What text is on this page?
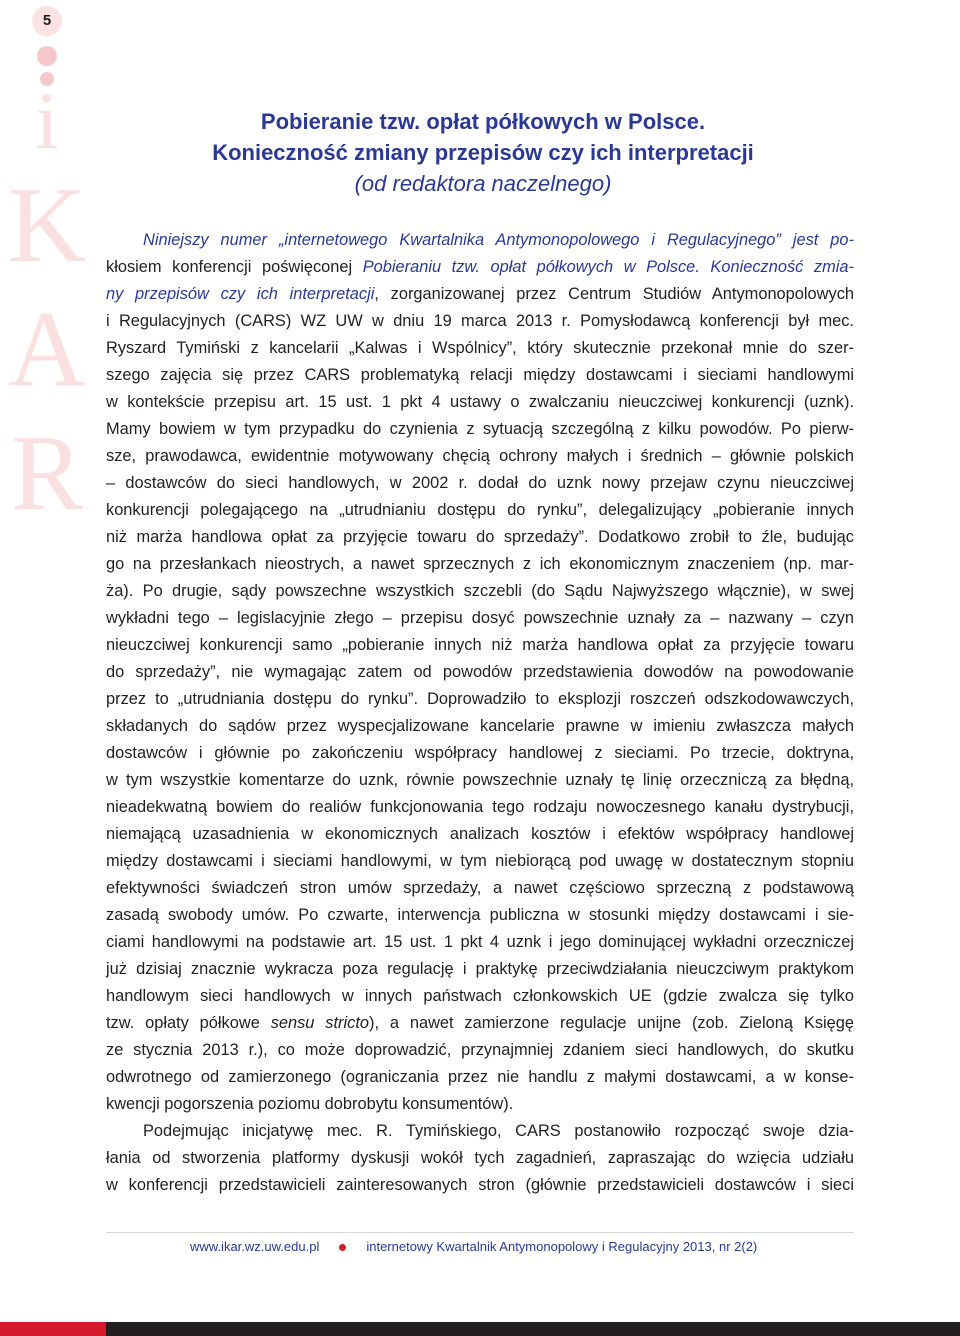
5
i
K
A
R
Pobieranie tzw. opłat półkowych w Polsce.
Konieczność zmiany przepisów czy ich interpretacji
(od redaktora naczelnego)
Niniejszy numer „internetowego Kwartalnika Antymonopolowego i Regulacyjnego” jest po-
kłosiem konferencji poświęconej Pobieraniu tzw. opłat półkowych w Polsce. Konieczność zmia-
ny przepisów czy ich interpretacji, zorganizowanej przez Centrum Studiów Antymonopolowych
i Regulacyjnych (CARS) WZ UW w dniu 19 marca 2013 r. Pomysłodawcą konferencji był mec.
Ryszard Tymiński z kancelarii „Kalwas i Wspólnicy”, który skutecznie przekonał mnie do szer-
szego zajęcia się przez CARS problematyką relacji między dostawcami i sieciami handlowymi
w kontekście przepisu art. 15 ust. 1 pkt 4 ustawy o zwalczaniu nieuczciwej konkurencji (uznk).
Mamy bowiem w tym przypadku do czynienia z sytuacją szczególną z kilku powodów. Po pierw-
sze, prawodawca, ewidentnie motywowany chęcią ochrony małych i średnich – głównie polskich
– dostawców do sieci handlowych, w 2002 r. dodał do uznk nowy przejaw czynu nieuczciwej
konkurencji polegającego na „utrudnianiu dostępu do rynku”, delegalizujący „pobieranie innych
niż marża handlowa opłat za przyjęcie towaru do sprzedaży”. Dodatkowo zrobił to źle, budując
go na przesłankach nieostrych, a nawet sprzecznych z ich ekonomicznym znaczeniem (np. mar-
ża). Po drugie, sądy powszechne wszystkich szczebli (do Sądu Najwyższego włącznie), w swej
wykładni tego – legislacyjnie złego – przepisu dosyć powszechnie uznały za – nazwany – czyn
nieuczciwej konkurencji samo „pobieranie innych niż marża handlowa opłat za przyjęcie towaru
do sprzedaży”, nie wymagając zatem od powodów przedstawienia dowodów na powodowanie
przez to „utrudniania dostępu do rynku”. Doprowadziło to eksplozji roszczeń odszkodowawczych,
składanych do sądów przez wyspecjalizowane kancelarie prawne w imieniu zwłaszcza małych
dostawców i głównie po zakończeniu współpracy handlowej z sieciami. Po trzecie, doktryna,
w tym wszystkie komentarze do uznk, równie powszechnie uznały tę linię orzeczniczą za błędną,
nieadekwatną bowiem do realiów funkcjonowania tego rodzaju nowoczesnego kanału dystrybucji,
niemającą uzasadnienia w ekonomicznych analizach kosztów i efektów współpracy handlowej
między dostawcami i sieciami handlowymi, w tym niebiorącą pod uwagę w dostatecznym stopniu
efektywności świadczeń stron umów sprzedaży, a nawet częściowo sprzeczną z podstawową
zasadą swobody umów. Po czwarte, interwencja publiczna w stosunki między dostawcami i sie-
ciami handlowymi na podstawie art. 15 ust. 1 pkt 4 uznk i jego dominującej wykładni orzeczniczej
już dzisiaj znacznie wykracza poza regulację i praktykę przeciwdziałania nieuczciwym praktykom
handlowym sieci handlowych w innych państwach członkowskich UE (gdzie zwalcza się tylko
tzw. opłaty półkowe sensu stricto), a nawet zamierzone regulacje unijne (zob. Zieloną Księgę
ze stycznia 2013 r.), co może doprowadzić, przynajmniej zdaniem sieci handlowych, do skutku
odwrotnego od zamierzonego (ograniczania przez nie handlu z małymi dostawcami, a w konse-
kwencji pogorszenia poziomu dobrobytu konsumentów).
Podejmując inicjatywę mec. R. Tymińskiego, CARS postanowiło rozpocząć swoje dzia-
łania od stworzenia platformy dyskusji wokół tych zagadnień, zapraszając do wzięcia udziału
w konferencji przedstawicieli zainteresowanych stron (głównie przedstawicieli dostawców i sieci
www.ikar.wz.uw.edu.pl	internetowy Kwartalnik Antymonopolowy i Regulacyjny 2013, nr 2(2)
